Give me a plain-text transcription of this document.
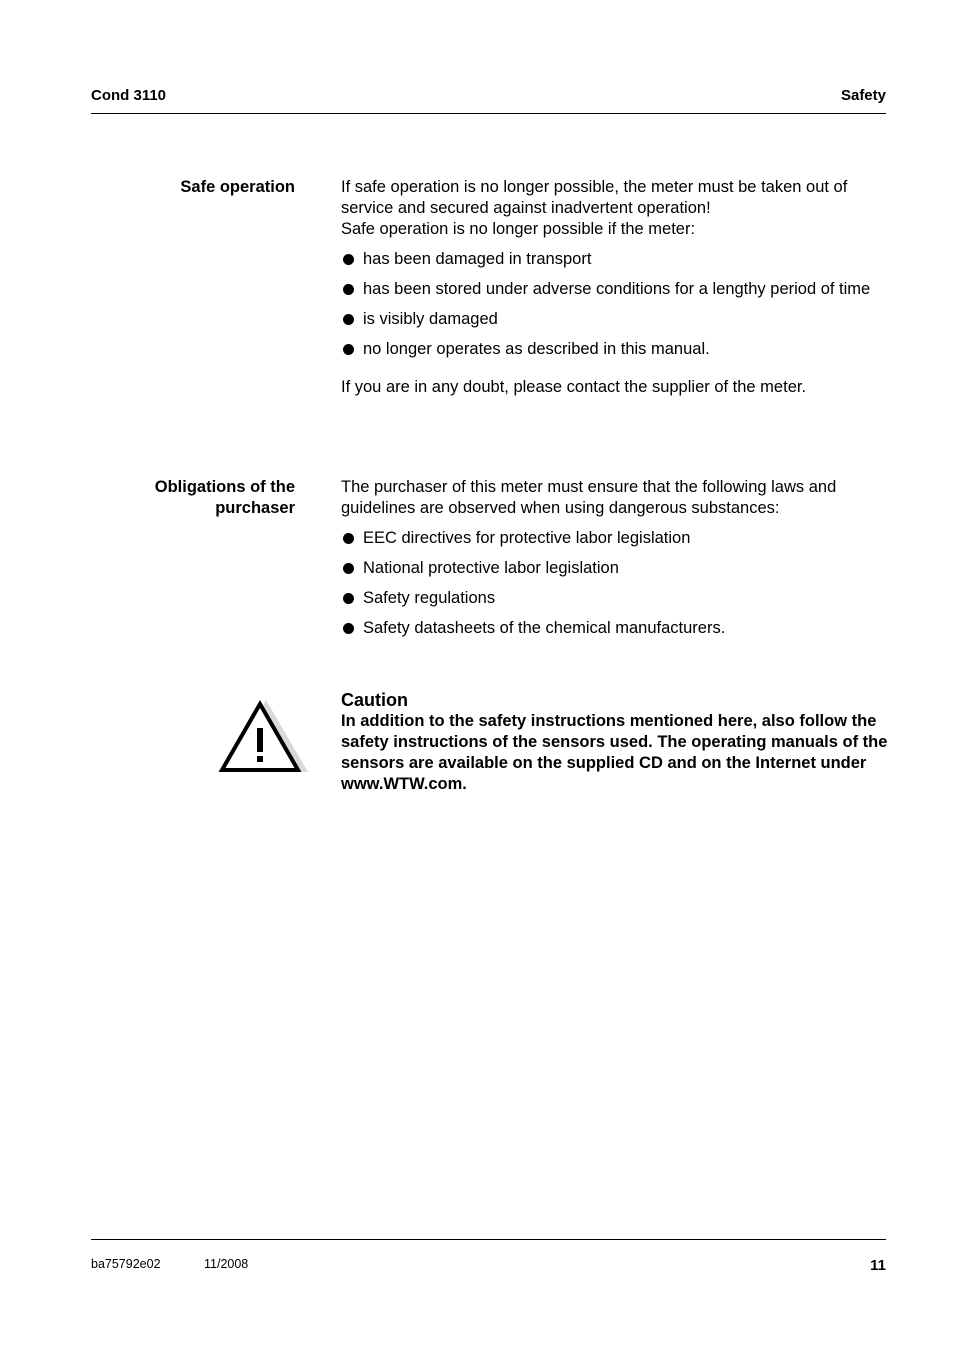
Cond 3110	Safety
Safe operation	If safe operation is no longer possible, the meter must be taken out of service and secured against inadvertent operation!

Safe operation is no longer possible if the meter:

has been damaged in transport
has been stored under adverse conditions for a lengthy period of time
is visibly damaged
no longer operates as described in this manual.

If you are in any doubt, please contact the supplier of the meter.

Obligations of the
purchaser

The purchaser of this meter must ensure that the following laws and guidelines are observed when using dangerous substances:

EEC directives for protective labor legislation
National protective labor legislation
Safety regulations
Safety datasheets of the chemical manufacturers.
Caution
In addition to the safety instructions mentioned here, also follow the safety instructions of the sensors used. The operating manuals of the sensors are available on the supplied CD and on the Internet under www.WTW.com.
ba75792e02	11/2008	11
